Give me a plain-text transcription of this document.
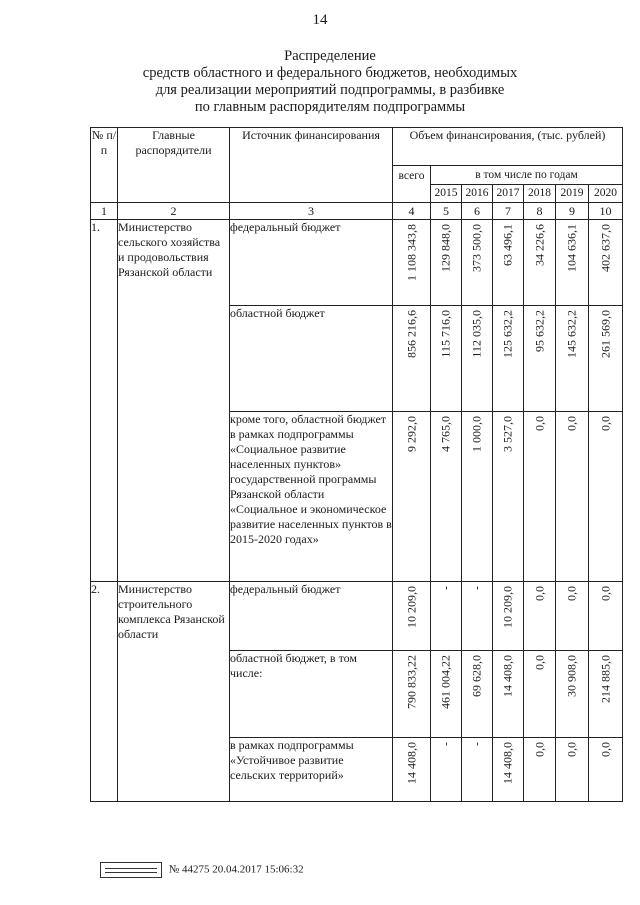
14
Распределение
средств областного и федерального бюджетов, необходимых
для реализации мероприятий подпрограммы, в разбивке
по главным распорядителям подпрограммы
№ п/п	Главные распорядители	Источник финансирования	Объем финансирования, (тыс. рублей)						
			всего	в том числе по годам					
				2015	2016	2017	2018	2019	2020
1	2	3	4	5	6	7	8	9	10
1.	Министерство сельского хозяйства и продовольствия Рязанской области	федеральный бюджет	1 108 343,8	129 848,0	373 500,0	63 496,1	34 226,6	104 636,1	402 637,0

		областной бюджет	856 216,6	115 716,0	112 035,0	125 632,2	95 632,2	145 632,2	261 569,0

		кроме того, областной бюджет в рамках подпрограммы «Социальное развитие населенных пунктов» государственной программы Рязанской области «Социальное и экономическое развитие населенных пунктов в 2015-2020 годах»	9 292,0	4 765,0	1 000,0	3 527,0	0,0	0,0	0,0

2.	Министерство строительного комплекса Рязанской области	федеральный бюджет	10 209,0	-	-	10 209,0	0,0	0,0	0,0

		областной бюджет, в том числе:	790 833,22	461 004,22	69 628,0	14 408,0	0,0	30 908,0	214 885,0

		в рамках подпрограммы «Устойчивое развитие сельских территорий»	14 408,0	-	-	14 408,0	0,0	0,0	0,0
№ 44275 20.04.2017 15:06:32
